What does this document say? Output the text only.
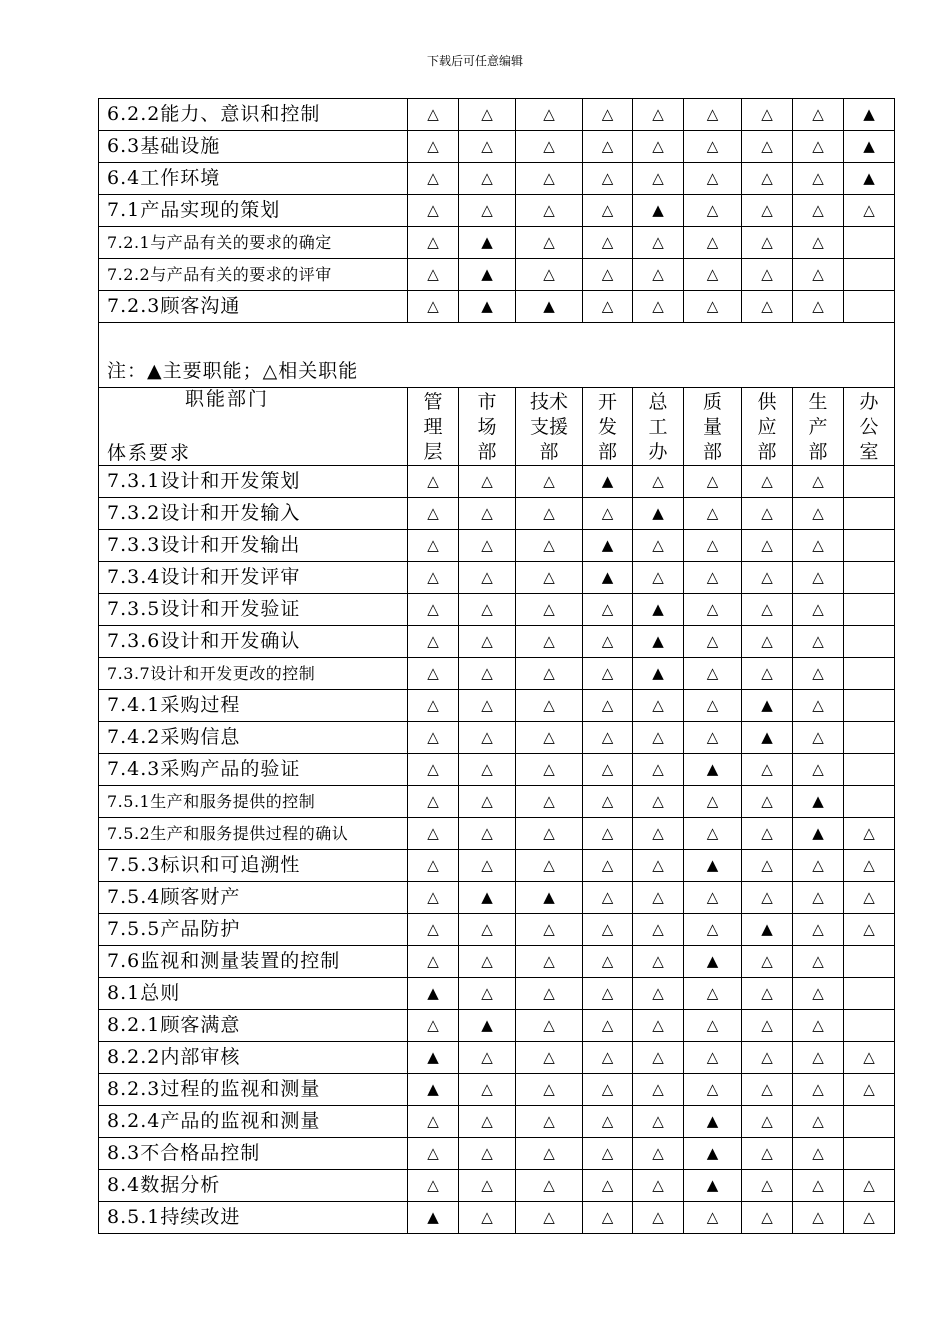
下载后可任意编辑
6.2.2能力、意识和控制	△	△	△	△	△	△	△	△	▲
6.3基础设施	△	△	△	△	△	△	△	△	▲
6.4工作环境	△	△	△	△	△	△	△	△	▲
7.1产品实现的策划	△	△	△	△	▲	△	△	△	△
7.2.1与产品有关的要求的确定	△	▲	△	△	△	△	△	△	
7.2.2与产品有关的要求的评审	△	▲	△	△	△	△	△	△	
7.2.3顾客沟通	△	▲	▲	△	△	△	△	△	
注：▲主要职能；△相关职能									

职能部门
体系要求	管
理
层	市
场
部	技术
支援
部	开
发
部	总
工
办	质
量
部	供
应
部	生
产
部	办
公
室
7.3.1设计和开发策划	△	△	△	▲	△	△	△	△	
7.3.2设计和开发输入	△	△	△	△	▲	△	△	△	
7.3.3设计和开发输出	△	△	△	▲	△	△	△	△	
7.3.4设计和开发评审	△	△	△	▲	△	△	△	△	
7.3.5设计和开发验证	△	△	△	△	▲	△	△	△	
7.3.6设计和开发确认	△	△	△	△	▲	△	△	△	
7.3.7设计和开发更改的控制	△	△	△	△	▲	△	△	△	
7.4.1采购过程	△	△	△	△	△	△	▲	△	
7.4.2采购信息	△	△	△	△	△	△	▲	△	
7.4.3采购产品的验证	△	△	△	△	△	▲	△	△	
7.5.1生产和服务提供的控制	△	△	△	△	△	△	△	▲	
7.5.2生产和服务提供过程的确认	△	△	△	△	△	△	△	▲	△
7.5.3标识和可追溯性	△	△	△	△	△	▲	△	△	△
7.5.4顾客财产	△	▲	▲	△	△	△	△	△	△
7.5.5产品防护	△	△	△	△	△	△	▲	△	△
7.6监视和测量装置的控制	△	△	△	△	△	▲	△	△	
8.1总则	▲	△	△	△	△	△	△	△	
8.2.1顾客满意	△	▲	△	△	△	△	△	△	
8.2.2内部审核	▲	△	△	△	△	△	△	△	△
8.2.3过程的监视和测量	▲	△	△	△	△	△	△	△	△
8.2.4产品的监视和测量	△	△	△	△	△	▲	△	△	
8.3不合格品控制	△	△	△	△	△	▲	△	△	
8.4数据分析	△	△	△	△	△	▲	△	△	△
8.5.1持续改进	▲	△	△	△	△	△	△	△	△
